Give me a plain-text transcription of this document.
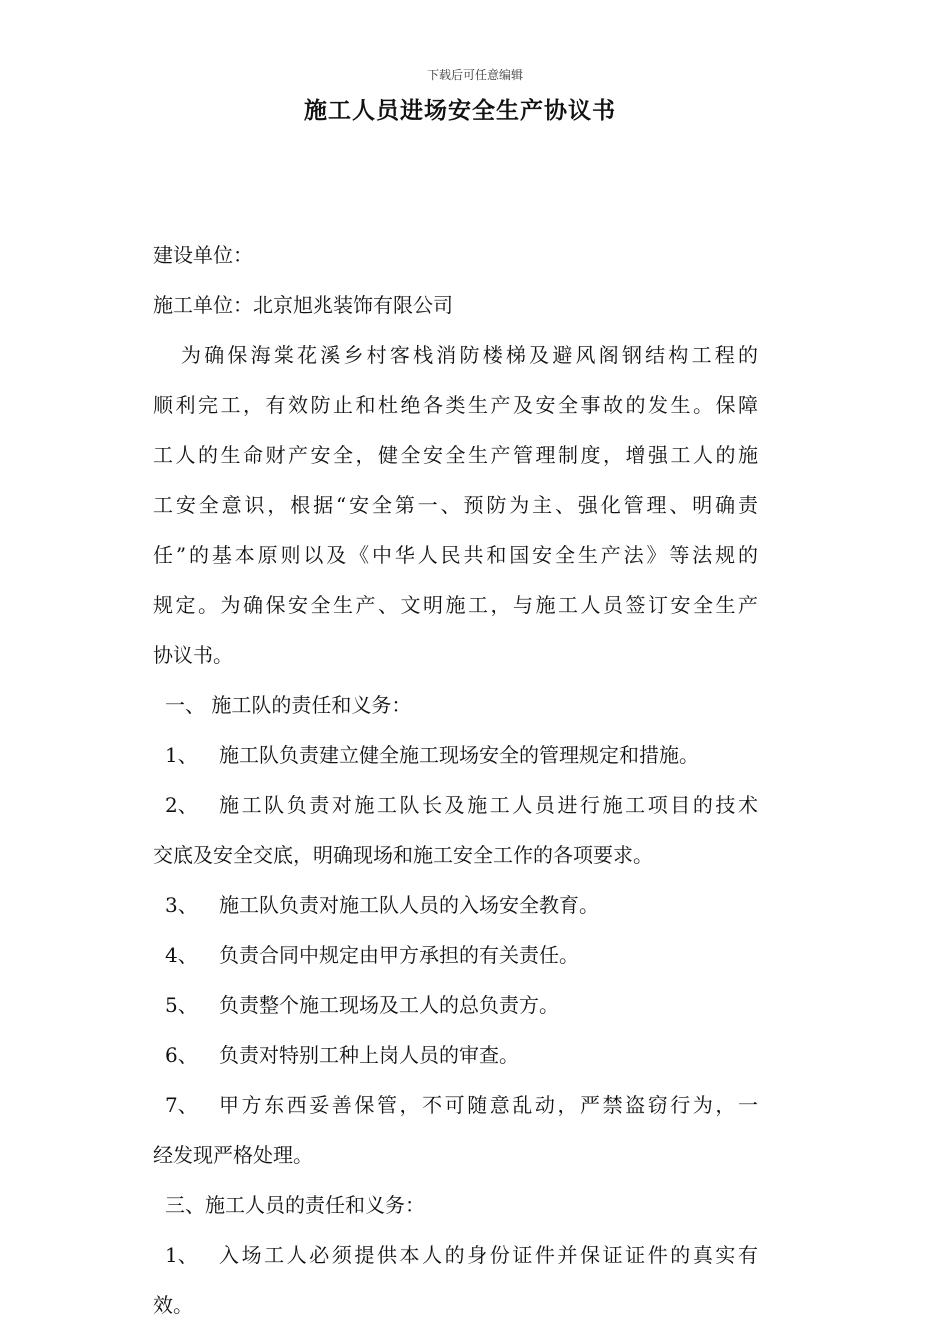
下载后可任意编辑
施工人员进场安全生产协议书
建设单位：
施工单位：北京旭兆装饰有限公司
为确保海棠花溪乡村客栈消防楼梯及避风阁钢结构工程的
顺利完工，有效防止和杜绝各类生产及安全事故的发生。保障
工人的生命财产安全，健全安全生产管理制度，增强工人的施
工安全意识，根据“安全第一、预防为主、强化管理、明确责
任”的基本原则以及《中华人民共和国安全生产法》等法规的
规定。为确保安全生产、文明施工，与施工人员签订安全生产
协议书。
一、 施工队的责任和义务：
1、 施工队负责建立健全施工现场安全的管理规定和措施。
2、	施工队负责对施工队长及施工人员进行施工项目的技术
交底及安全交底，明确现场和施工安全工作的各项要求。
3、 施工队负责对施工队人员的入场安全教育。
4、 负责合同中规定由甲方承担的有关责任。
5、 负责整个施工现场及工人的总负责方。
6、 负责对特别工种上岗人员的审查。
7、	甲方东西妥善保管，不可随意乱动，严禁盗窃行为，一
经发现严格处理。
三、施工人员的责任和义务：
1、	入场工人必须提供本人的身份证件并保证证件的真实有
效。
